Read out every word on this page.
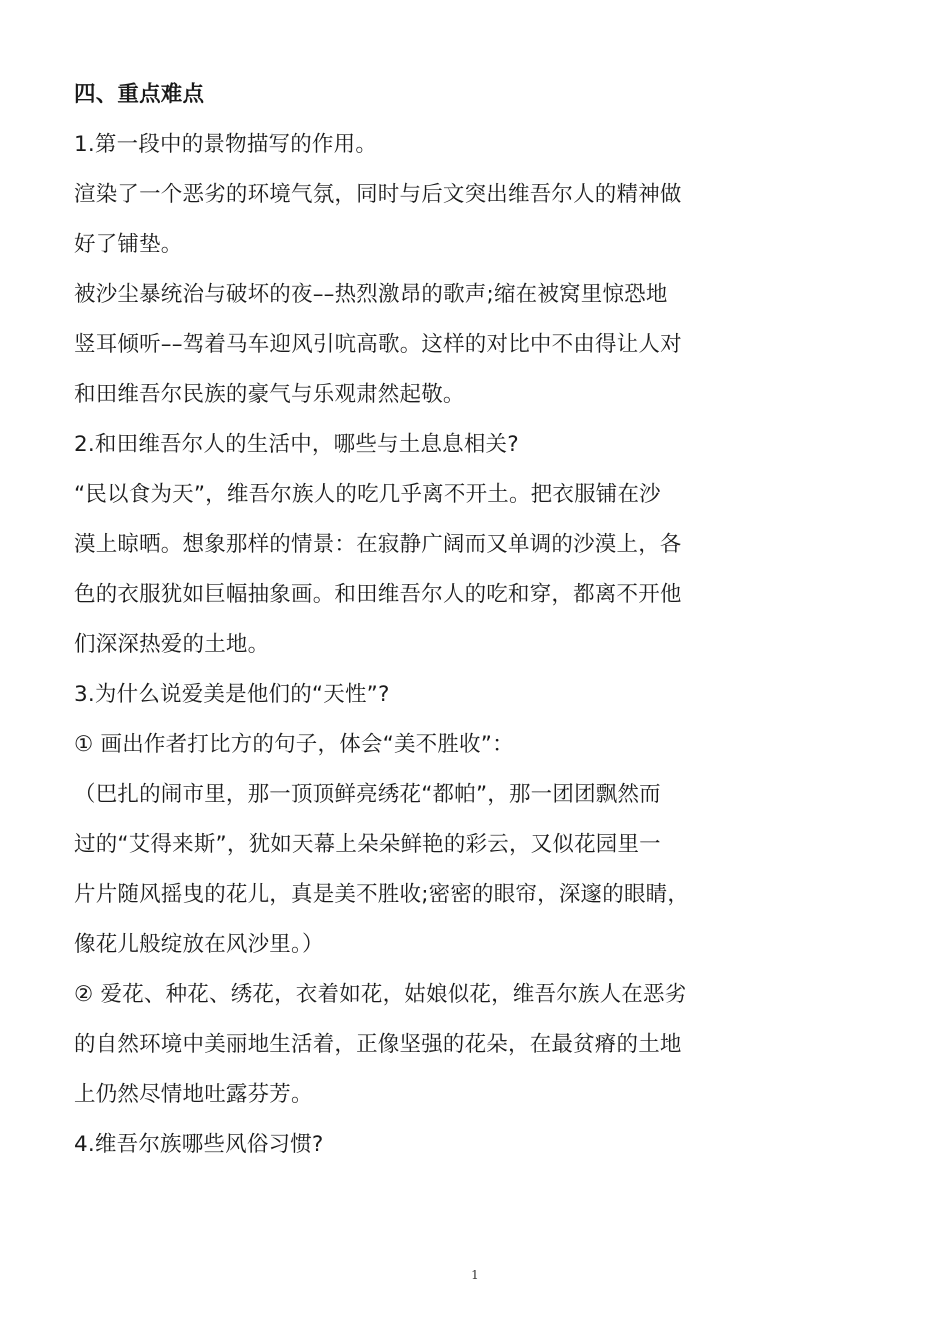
四、重点难点
1.第一段中的景物描写的作用。
渲染了一个恶劣的环境气氛，同时与后文突出维吾尔人的精神做
好了铺垫。
被沙尘暴统治与破坏的夜––热烈激昂的歌声;缩在被窝里惊恐地
竖耳倾听––驾着马车迎风引吭高歌。这样的对比中不由得让人对
和田维吾尔民族的豪气与乐观肃然起敬。
2.和田维吾尔人的生活中，哪些与土息息相关?
“民以食为天”，维吾尔族人的吃几乎离不开土。把衣服铺在沙
漠上晾晒。想象那样的情景：在寂静广阔而又单调的沙漠上，各
色的衣服犹如巨幅抽象画。和田维吾尔人的吃和穿，都离不开他
们深深热爱的土地。
3.为什么说爱美是他们的“天性”?
① 画出作者打比方的句子，体会“美不胜收”：
（巴扎的闹市里，那一顶顶鲜亮绣花“都帕”，那一团团飘然而
过的“艾得来斯”，犹如天幕上朵朵鲜艳的彩云，又似花园里一
片片随风摇曳的花儿，真是美不胜收;密密的眼帘，深邃的眼睛，
像花儿般绽放在风沙里。）
② 爱花、种花、绣花，衣着如花，姑娘似花，维吾尔族人在恶劣
的自然环境中美丽地生活着，正像坚强的花朵，在最贫瘠的土地
上仍然尽情地吐露芬芳。
4.维吾尔族哪些风俗习惯?
1
